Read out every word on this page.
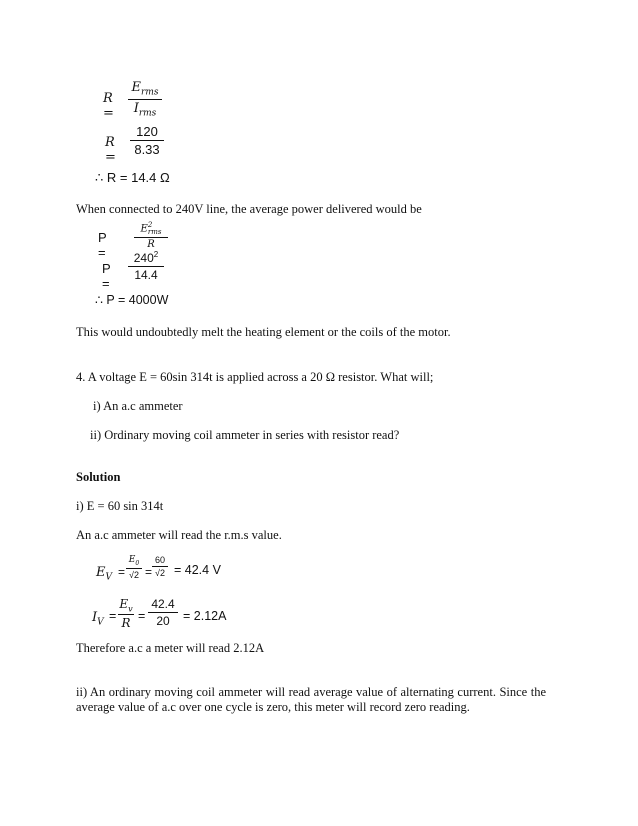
R =
$E_{rms}$
$I_{rms}$
R =
120
8.33
∴ R = 14.4 Ω
When connected to 240V line, the average power delivered would be
P =
E 2
rms
R
P =
$240^2$
14.4
∴ P = 4000W
This would undoubtedly melt the heating element or the coils of the motor.
4. A voltage E = 60sin 314t is applied across a 20 Ω resistor. What will;
i) An a.c ammeter
ii) Ordinary moving coil ammeter in series with resistor read?
Solution
i) E = 60 sin 314t
An a.c ammeter will read the r.m.s value.
$E_V$ =
$E_0$
√2 =
60
√2 = 42.4 V
$I_V$ =
$E_v$
R
=
42.4
20	= 2.12A
Therefore a.c a meter will read 2.12A
ii) An ordinary moving coil ammeter will read average value of alternating current. Since the average value of a.c over one cycle is zero, this meter will record zero reading.
